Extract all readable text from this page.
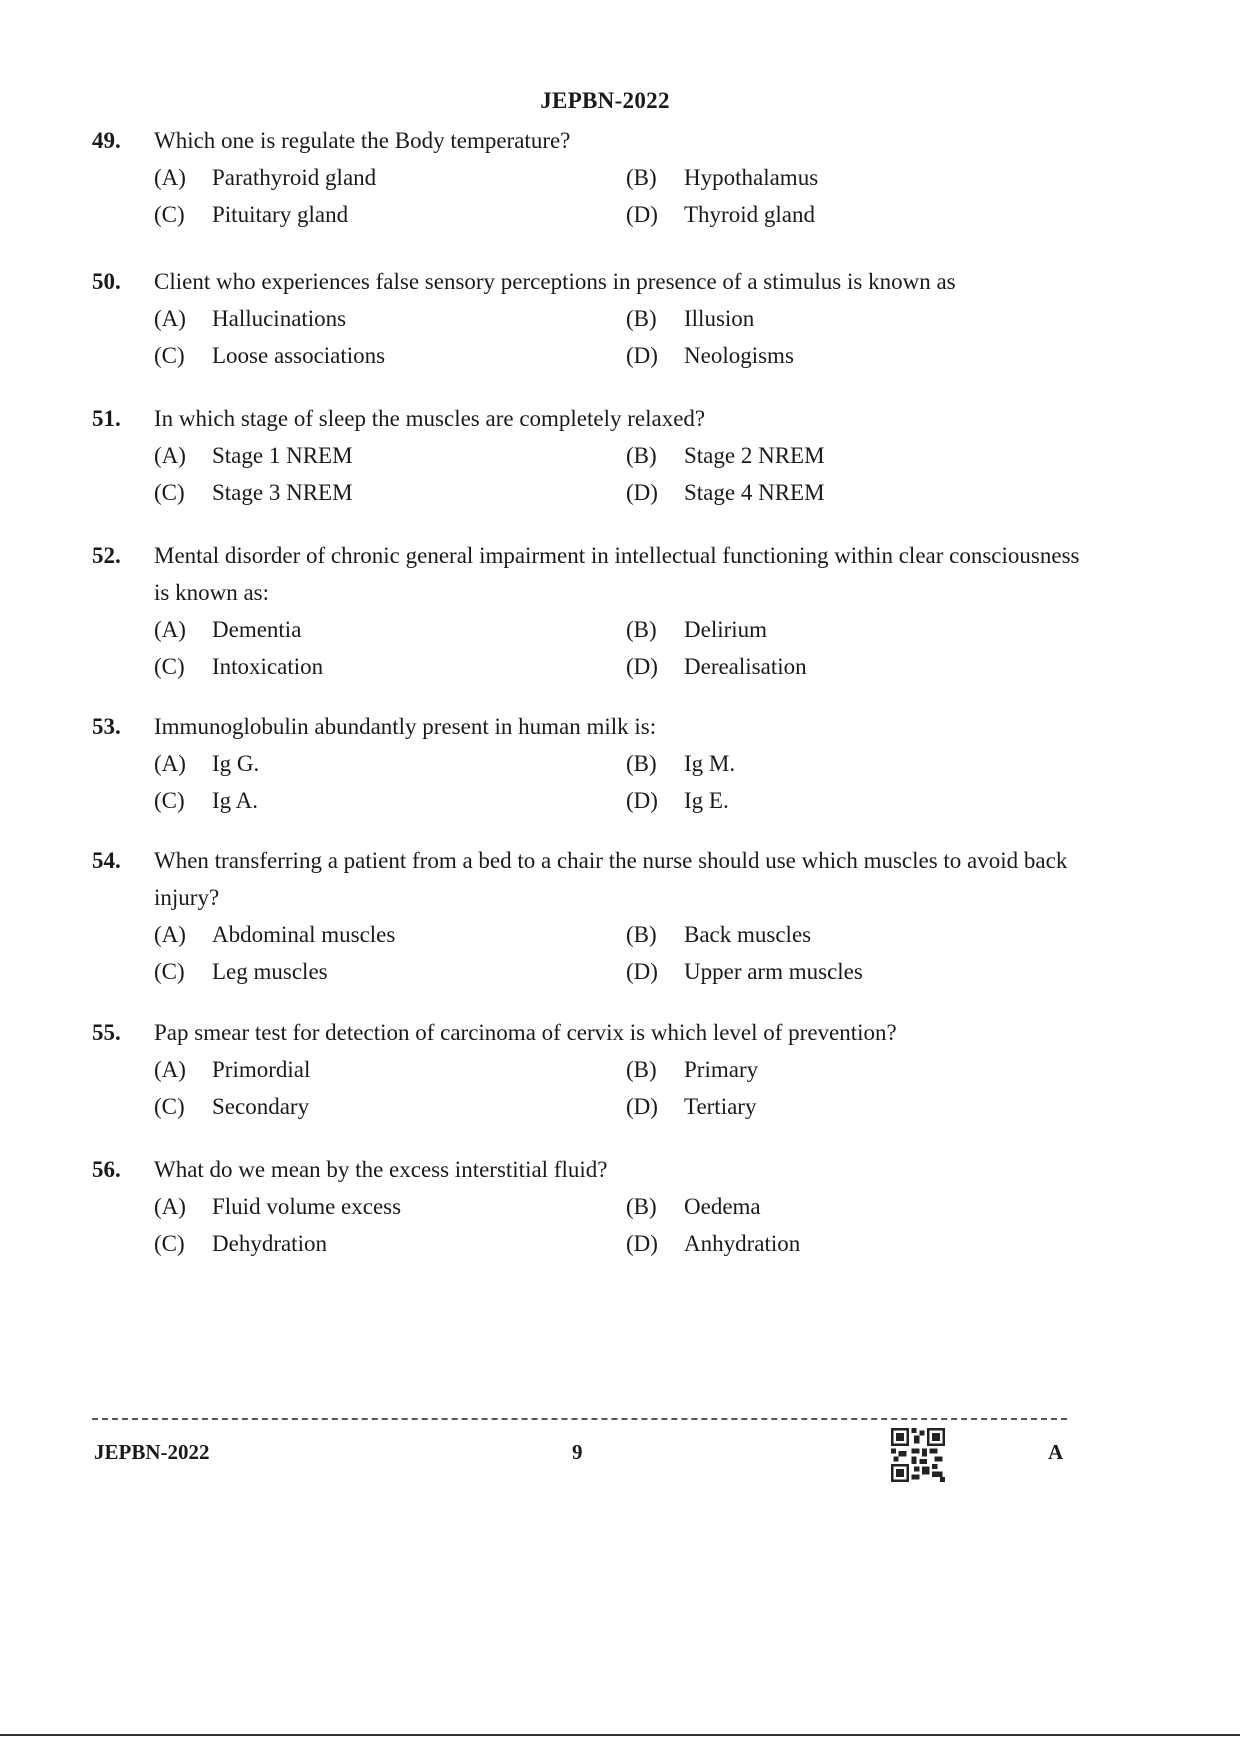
JEPBN-2022
49.	Which one is regulate the Body temperature?
(A)	Parathyroid gland	(B)	Hypothalamus
(C)	Pituitary gland	(D)	Thyroid gland
50.	Client who experiences false sensory perceptions in presence of a stimulus is known as
(A)	Hallucinations	(B)	Illusion
(C)	Loose associations	(D)	Neologisms
51.	In which stage of sleep the muscles are completely relaxed?
(A)	Stage 1 NREM	(B)	Stage 2 NREM
(C)	Stage 3 NREM	(D)	Stage 4 NREM
52.	Mental disorder of chronic general impairment in intellectual functioning within clear consciousness is known as:
(A)	Dementia	(B)	Delirium
(C)	Intoxication	(D)	Derealisation
53.	Immunoglobulin abundantly present in human milk is:
(A)	Ig G.	(B)	Ig M.
(C)	Ig A.	(D)	Ig E.
54.	When transferring a patient from a bed to a chair the nurse should use which muscles to avoid back injury?
(A)	Abdominal muscles	(B)	Back muscles
(C)	Leg muscles	(D)	Upper arm muscles
55.	Pap smear test for detection of carcinoma of cervix is which level of prevention?
(A)	Primordial	(B)	Primary
(C)	Secondary	(D)	Tertiary
56.	What do we mean by the excess interstitial fluid?
(A)	Fluid volume excess	(B)	Oedema
(C)	Dehydration	(D)	Anhydration
JEPBN-2022	9	A
